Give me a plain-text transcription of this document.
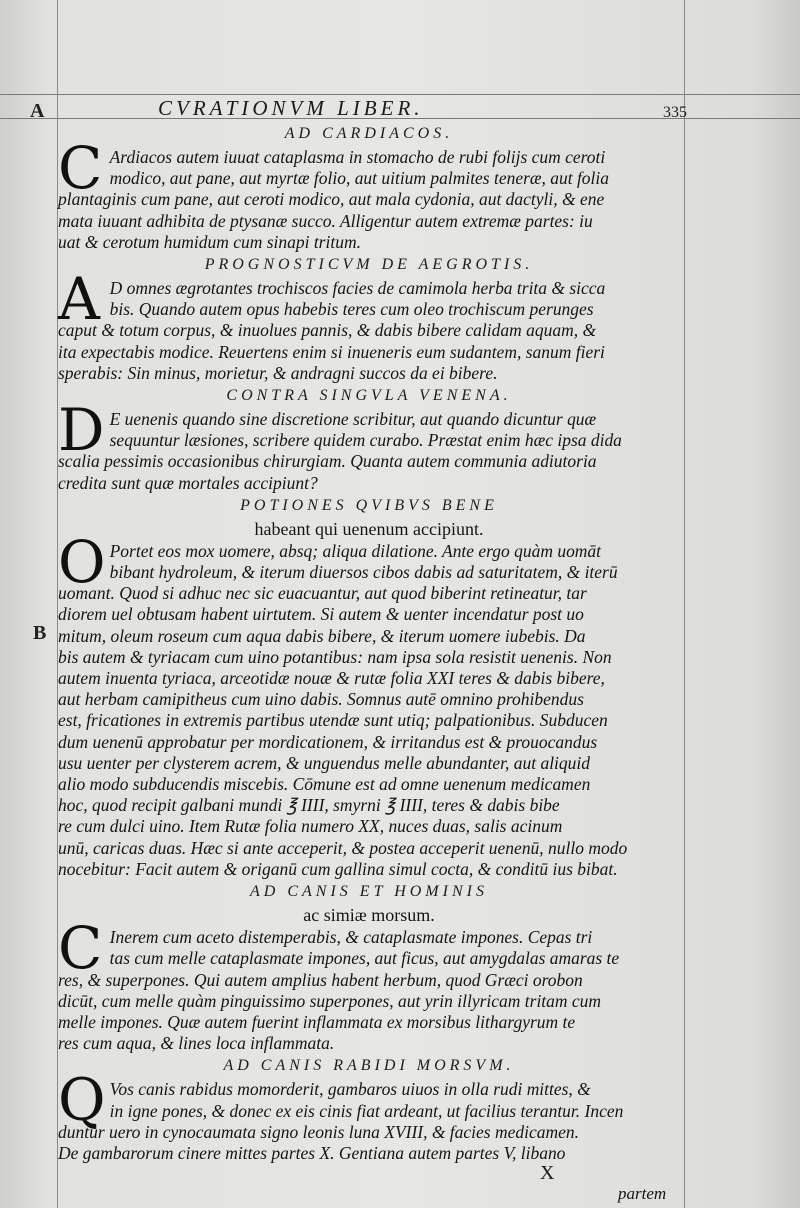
A	CVRATIONVM LIBER.	335
B
AD CARDIACOS.
C Ardiacos autem iuuat cataplasma in stomacho de rubi folijs cum ceroti
modico, aut pane, aut myrtæ folio, aut uitium palmites teneræ, aut folia
plantaginis cum pane, aut ceroti modico, aut mala cydonia, aut dactyli, & ene
mata iuuant adhibita de ptysanæ succo. Alligentur autem extremæ partes: iu
uat & cerotum humidum cum sinapi tritum.
PROGNOSTICVM DE AEGROTIS.
A D omnes ægrotantes trochiscos facies de camimola herba trita & sicca
bis. Quando autem opus habebis teres cum oleo trochiscum perunges
caput & totum corpus, & inuolues pannis, & dabis bibere calidam aquam, &
ita expectabis modice. Reuertens enim si inueneris eum sudantem, sanum fieri
sperabis: Sin minus, morietur, & andragni succos da ei bibere.
CONTRA SINGVLA VENENA.
D E uenenis quando sine discretione scribitur, aut quando dicuntur quæ
sequuntur læsiones, scribere quidem curabo. Præstat enim hæc ipsa dida
scalia pessimis occasionibus chirurgiam. Quanta autem communia adiutoria
credita sunt quæ mortales accipiunt?
POTIONES QVIBVS BENE
habeant qui uenenum accipiunt.
O Portet eos mox uomere, absq; aliqua dilatione. Ante ergo quàm uomāt
bibant hydroleum, & iterum diuersos cibos dabis ad saturitatem, & iterū
uomant. Quod si adhuc nec sic euacuantur, aut quod biberint retineatur, tar
diorem uel obtusam habent uirtutem. Si autem & uenter incendatur post uo
mitum, oleum roseum cum aqua dabis bibere, & iterum uomere iubebis. Da
bis autem & tyriacam cum uino potantibus: nam ipsa sola resistit uenenis. Non
autem inuenta tyriaca, arceotidæ nouæ & rutæ folia XXI teres & dabis bibere,
aut herbam camipitheus cum uino dabis. Somnus autē omnino prohibendus
est, fricationes in extremis partibus utendæ sunt utiq; palpationibus. Subducen
dum uenenū approbatur per mordicationem, & irritandus est & prouocandus
usu uenter per clysterem acrem, & unguendus melle abundanter, aut aliquid
alio modo subducendis miscebis. Cōmune est ad omne uenenum medicamen
hoc, quod recipit galbani mundi ℥ IIII, smyrni ℥ IIII, teres & dabis bibe
re cum dulci uino. Item Rutæ folia numero XX, nuces duas, salis acinum
unū, caricas duas. Hæc si ante acceperit, & postea acceperit uenenū, nullo modo
nocebitur: Facit autem & origanū cum gallina simul cocta, & conditū ius bibat.
AD CANIS ET HOMINIS
ac simiæ morsum.
C Inerem cum aceto distemperabis, & cataplasmate impones. Cepas tri
tas cum melle cataplasmate impones, aut ficus, aut amygdalas amaras te
res, & superpones. Qui autem amplius habent herbum, quod Græci orobon
dicūt, cum melle quàm pinguissimo superpones, aut yrin illyricam tritam cum
melle impones. Quæ autem fuerint inflammata ex morsibus lithargyrum te
res cum aqua, & lines loca inflammata.
AD CANIS RABIDI MORSVM.
Q Vos canis rabidus momorderit, gambaros uiuos in olla rudi mittes, &
in igne pones, & donec ex eis cinis fiat ardeant, ut facilius terantur. Incen
duntur uero in cynocaumata signo leonis luna XVIII, & facies medicamen.
De gambarorum cinere mittes partes X. Gentiana autem partes V, libano
X
partem
